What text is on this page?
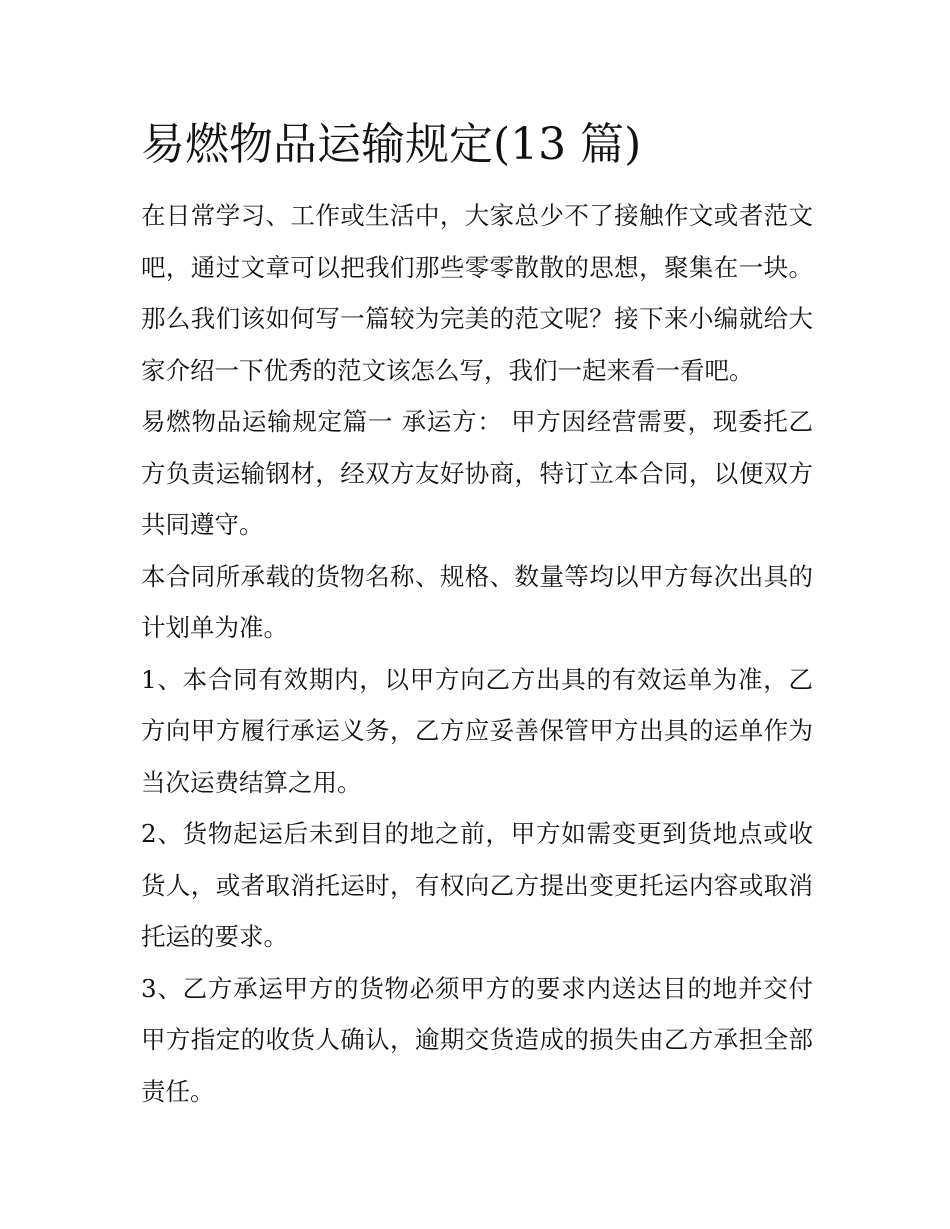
易燃物品运输规定(13 篇)

在日常学习、工作或生活中，大家总少不了接触作文或者范文吧，通过文章可以把我们那些零零散散的思想，聚集在一块。那么我们该如何写一篇较为完美的范文呢？接下来小编就给大家介绍一下优秀的范文该怎么写，我们一起来看一看吧。

易燃物品运输规定篇一 承运方： 甲方因经营需要，现委托乙方负责运输钢材，经双方友好协商，特订立本合同，以便双方共同遵守。

本合同所承载的货物名称、规格、数量等均以甲方每次出具的计划单为准。

1、本合同有效期内，以甲方向乙方出具的有效运单为准，乙方向甲方履行承运义务，乙方应妥善保管甲方出具的运单作为当次运费结算之用。

2、货物起运后未到目的地之前，甲方如需变更到货地点或收货人，或者取消托运时，有权向乙方提出变更托运内容或取消托运的要求。

3、乙方承运甲方的货物必须甲方的要求内送达目的地并交付甲方指定的收货人确认，逾期交货造成的损失由乙方承担全部责任。
